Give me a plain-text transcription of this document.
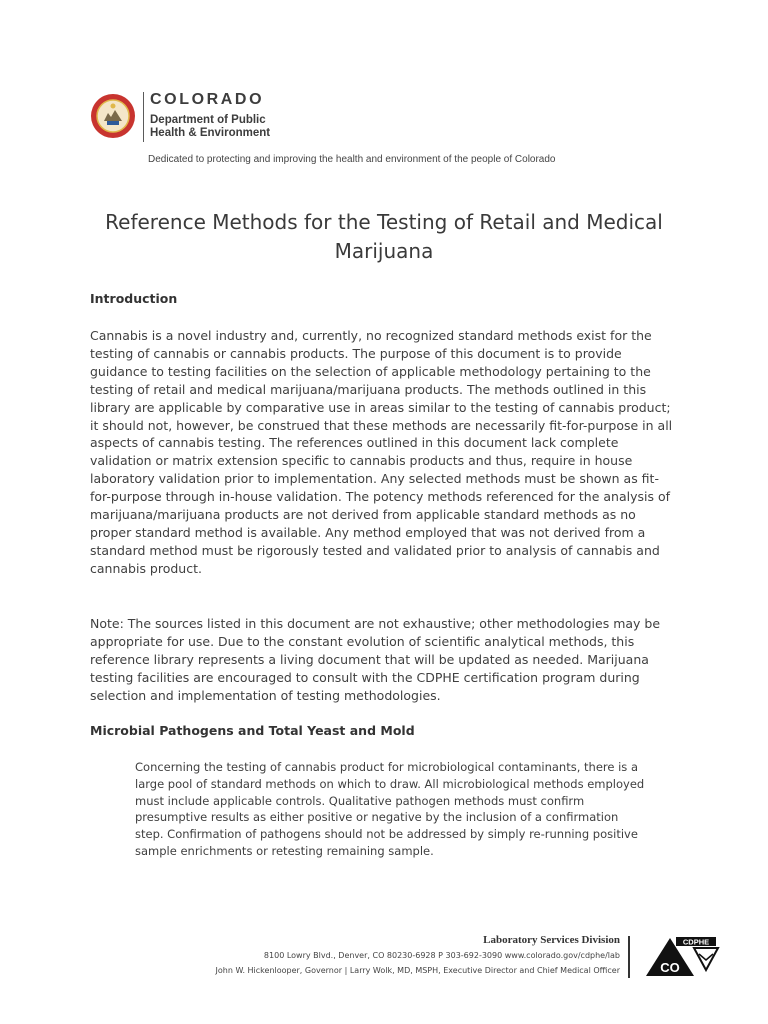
COLORADO
Department of Public
Health & Environment
Dedicated to protecting and improving the health and environment of the people of Colorado
Reference Methods for the Testing of Retail and Medical Marijuana
Introduction

Cannabis is a novel industry and, currently, no recognized standard methods exist for the testing of cannabis or cannabis products. The purpose of this document is to provide guidance to testing facilities on the selection of applicable methodology pertaining to the testing of retail and medical marijuana/marijuana products. The methods outlined in this library are applicable by comparative use in areas similar to the testing of cannabis product; it should not, however, be construed that these methods are necessarily fit-for-purpose in all aspects of cannabis testing. The references outlined in this document lack complete validation or matrix extension specific to cannabis products and thus, require in house laboratory validation prior to implementation. Any selected methods must be shown as fit-for-purpose through in-house validation. The potency methods referenced for the analysis of marijuana/marijuana products are not derived from applicable standard methods as no proper standard method is available. Any method employed that was not derived from a standard method must be rigorously tested and validated prior to analysis of cannabis and cannabis product.

Note: The sources listed in this document are not exhaustive; other methodologies may be appropriate for use. Due to the constant evolution of scientific analytical methods, this reference library represents a living document that will be updated as needed. Marijuana testing facilities are encouraged to consult with the CDPHE certification program during selection and implementation of testing methodologies.

Microbial Pathogens and Total Yeast and Mold

Concerning the testing of cannabis product for microbiological contaminants, there is a large pool of standard methods on which to draw. All microbiological methods employed must include applicable controls. Qualitative pathogen methods must confirm presumptive results as either positive or negative by the inclusion of a confirmation step. Confirmation of pathogens should not be addressed by simply re-running positive sample enrichments or retesting remaining sample.

Laboratory Services Division
8100 Lowry Blvd., Denver, CO 80230-6928 P 303-692-3090 www.colorado.gov/cdphe/lab
John W. Hickenlooper, Governor | Larry Wolk, MD, MSPH, Executive Director and Chief Medical Officer	CO
CDPHE
